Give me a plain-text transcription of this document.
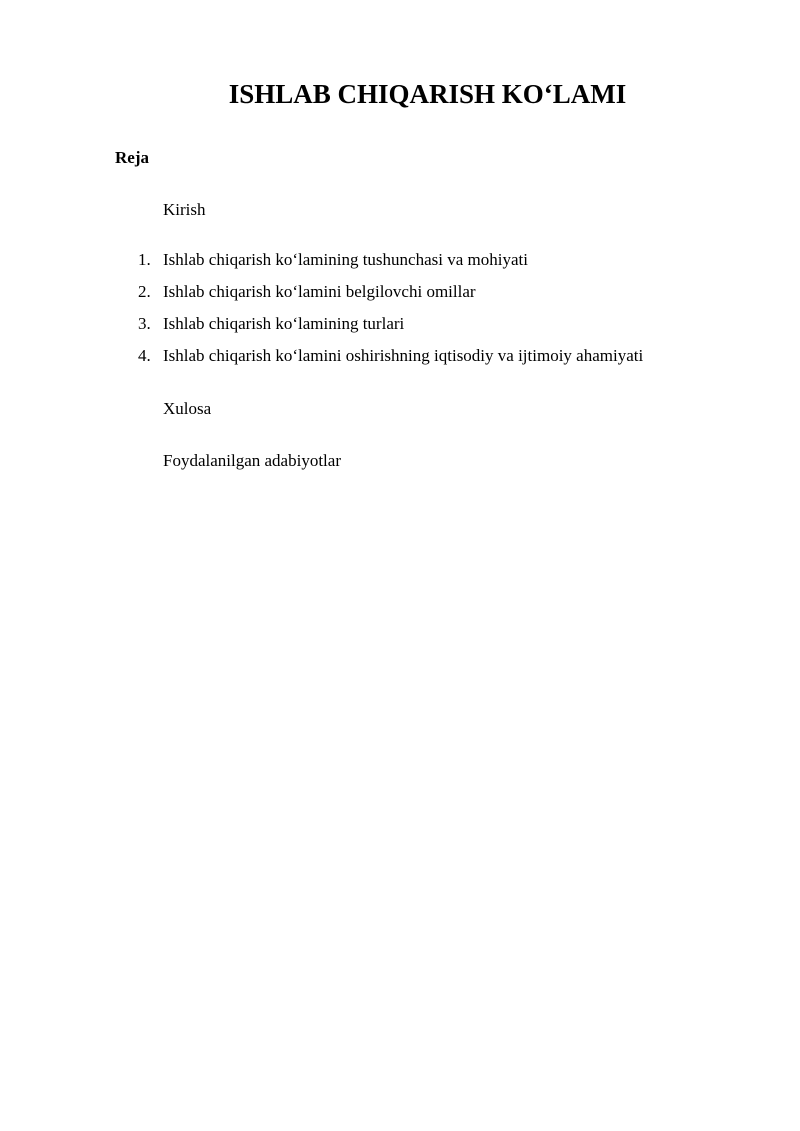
ISHLAB CHIQARISH KO‘LAMI

Reja

Kirish

1. Ishlab chiqarish ko‘lamining tushunchasi va mohiyati
2. Ishlab chiqarish ko‘lamini belgilovchi omillar
3. Ishlab chiqarish ko‘lamining turlari
4. Ishlab chiqarish ko‘lamini oshirishning iqtisodiy va ijtimoiy ahamiyati

Xulosa

Foydalanilgan adabiyotlar
